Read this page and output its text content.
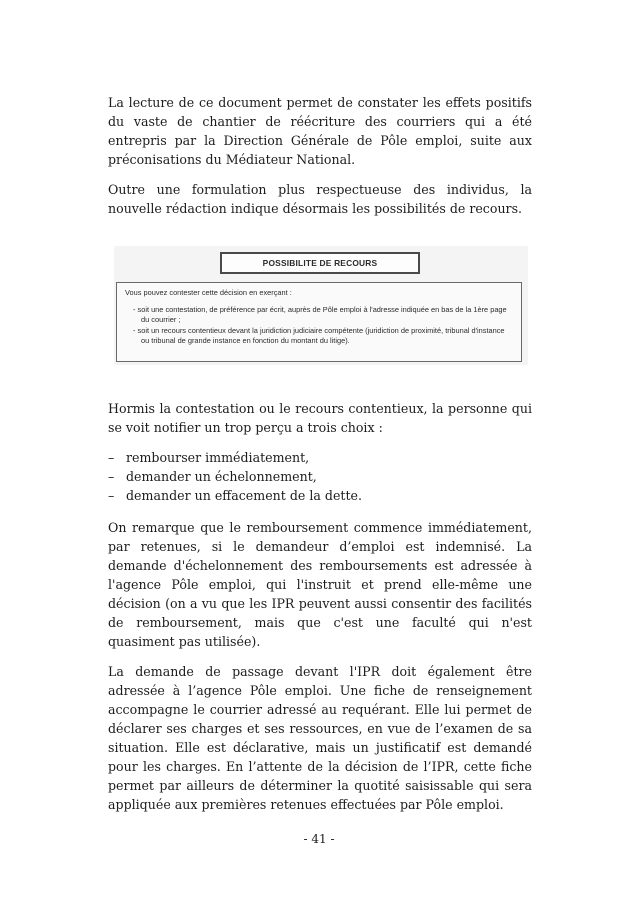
La lecture de ce document permet de constater les effets positifs du vaste de chantier de réécriture des courriers qui a été entrepris par la Direction Générale de Pôle emploi, suite aux préconisations du Médiateur National.

Outre une formulation plus respectueuse des individus, la nouvelle rédaction indique désormais les possibilités de recours.

POSSIBILITE DE RECOURS
Vous pouvez contester cette décision en exerçant :
- soit une contestation, de préférence par écrit, auprès de Pôle emploi à l'adresse indiquée en bas de la 1ère page du courrier ;
- soit un recours contentieux devant la juridiction judiciaire compétente (juridiction de proximité, tribunal d'instance ou tribunal de grande instance en fonction du montant du litige).

Hormis la contestation ou le recours contentieux, la personne qui se voit notifier un trop perçu a trois choix :

– rembourser immédiatement,
– demander un échelonnement,
– demander un effacement de la dette.

On remarque que le remboursement commence immédiatement, par retenues, si le demandeur d’emploi est indemnisé. La demande d'échelonnement des remboursements est adressée à l'agence Pôle emploi, qui l'instruit et prend elle-même une décision (on a vu que les IPR peuvent aussi consentir des facilités de remboursement, mais que c'est une faculté qui n'est quasiment pas utilisée).

La demande de passage devant l'IPR doit également être adressée à l’agence Pôle emploi. Une fiche de renseignement accompagne le courrier adressé au requérant. Elle lui permet de déclarer ses charges et ses ressources, en vue de l’examen de sa situation. Elle est déclarative, mais un justificatif est demandé pour les charges. En l’attente de la décision de l’IPR, cette fiche permet par ailleurs de déterminer la quotité saisissable qui sera appliquée aux premières retenues effectuées par Pôle emploi.

- 41 -
